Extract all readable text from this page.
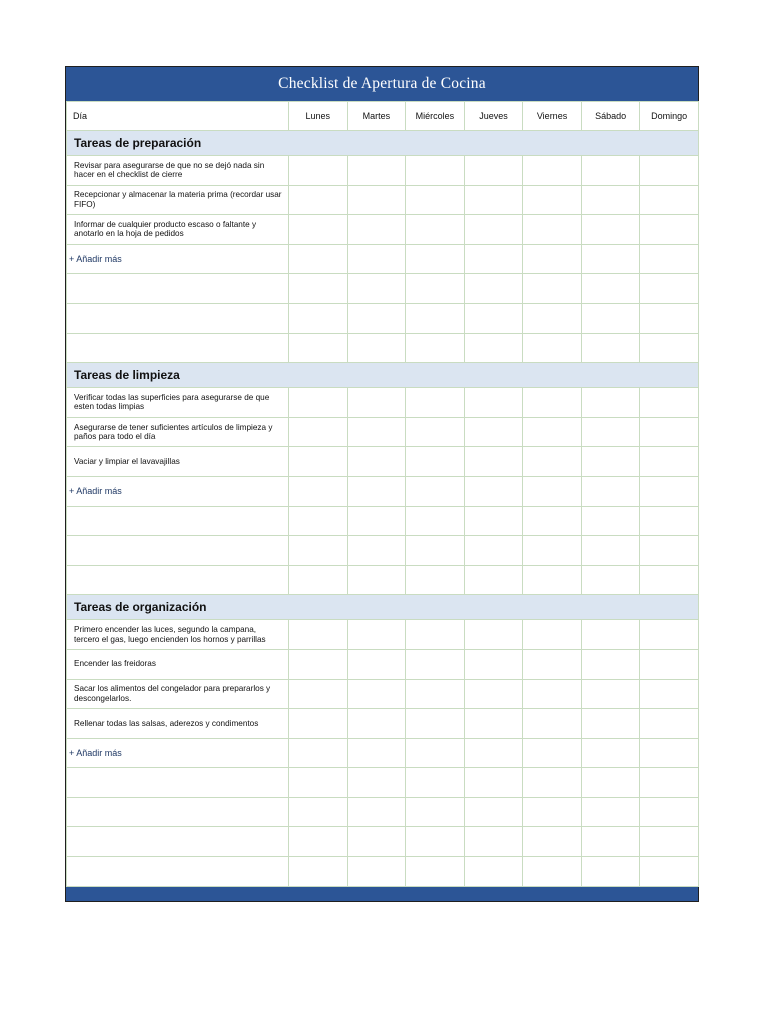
Checklist de Apertura de Cocina
Día	Lunes	Martes	Miércoles	Jueves	Viernes	Sábado	Domingo
Tareas de preparación							
Revisar para asegurarse de que no se dejó nada sin hacer en el checklist de cierre							
Recepcionar y almacenar la materia prima (recordar usar FIFO)							
Informar de cualquier producto escaso o faltante y anotarlo en la hoja de pedidos							
+ Añadir más							

Tareas de limpieza							
Verificar todas las superficies para asegurarse de que esten todas limpias							
Asegurarse de tener suficientes artículos de limpieza y paños para todo el día							
Vaciar y limpiar el lavavajillas							
+ Añadir más							

Tareas de organización							
Primero encender las luces, segundo la campana, tercero el gas, luego encienden los hornos y parrillas							
Encender las freidoras							
Sacar los alimentos del congelador para prepararlos y descongelarlos.							
Rellenar todas las salsas, aderezos y condimentos							
+ Añadir más							
